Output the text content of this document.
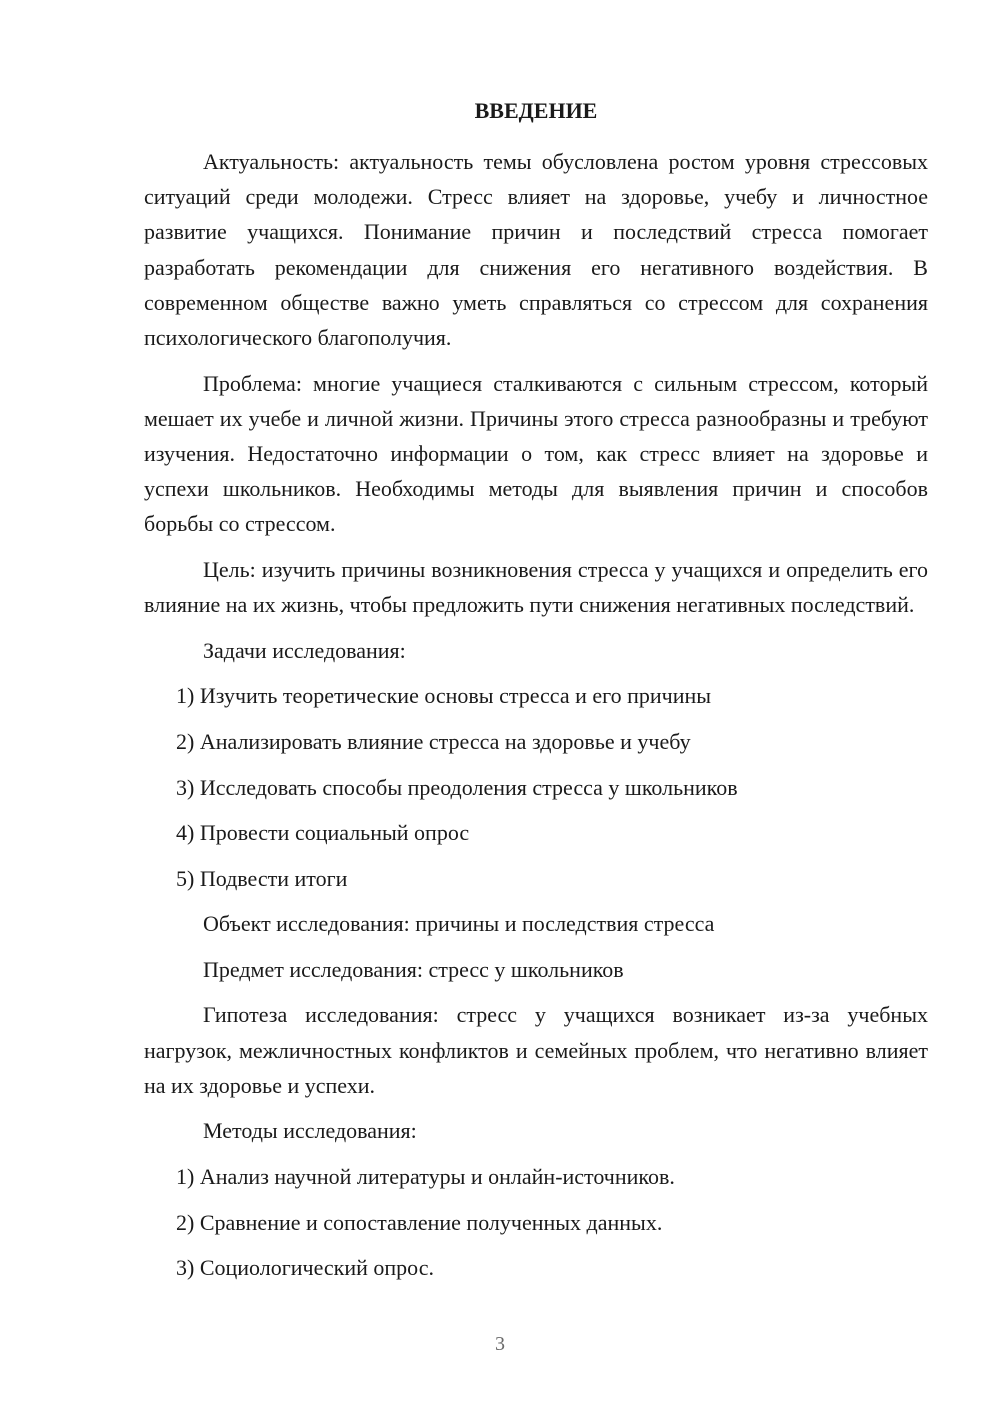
ВВЕДЕНИЕ
Актуальность: актуальность темы обусловлена ростом уровня стрессовых ситуаций среди молодежи. Стресс влияет на здоровье, учебу и личностное развитие учащихся. Понимание причин и последствий стресса помогает разработать рекомендации для снижения его негативного воздействия. В современном обществе важно уметь справляться со стрессом для сохранения психологического благополучия.
Проблема: многие учащиеся сталкиваются с сильным стрессом, который мешает их учебе и личной жизни. Причины этого стресса разнообразны и требуют изучения. Недостаточно информации о том, как стресс влияет на здоровье и успехи школьников. Необходимы методы для выявления причин и способов борьбы со стрессом.
Цель: изучить причины возникновения стресса у учащихся и определить его влияние на их жизнь, чтобы предложить пути снижения негативных последствий.
Задачи исследования:
1) Изучить теоретические основы стресса и его причины
2) Анализировать влияние стресса на здоровье и учебу
3) Исследовать способы преодоления стресса у школьников
4) Провести социальный опрос
5) Подвести итоги
Объект исследования: причины и последствия стресса
Предмет исследования: стресс у школьников
Гипотеза исследования: стресс у учащихся возникает из-за учебных нагрузок, межличностных конфликтов и семейных проблем, что негативно влияет на их здоровье и успехи.
Методы исследования:
1) Анализ научной литературы и онлайн-источников.
2) Сравнение и сопоставление полученных данных.
3) Социологический опрос.
3
